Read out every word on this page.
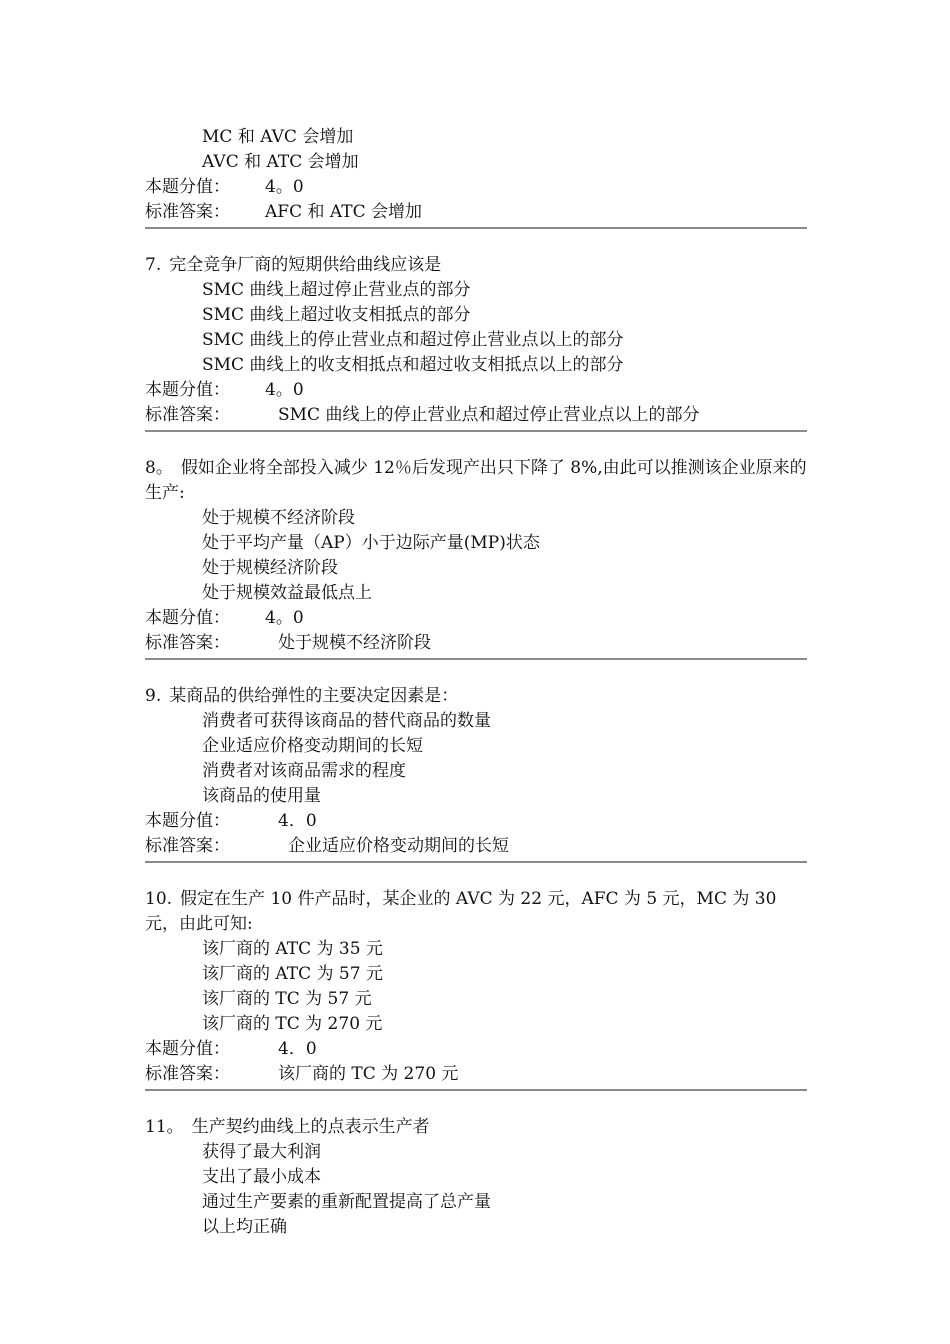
MC 和 AVC 会增加
AVC 和 ATC 会增加
本题分值： 4。0
标准答案： AFC 和 ATC 会增加
7. 完全竞争厂商的短期供给曲线应该是
SMC 曲线上超过停止营业点的部分
SMC 曲线上超过收支相抵点的部分
SMC 曲线上的停止营业点和超过停止营业点以上的部分
SMC 曲线上的收支相抵点和超过收支相抵点以上的部分
本题分值： 4。0
标准答案：	SMC 曲线上的停止营业点和超过停止营业点以上的部分
8。 假如企业将全部投入减少 12％后发现产出只下降了 8%,由此可以推测该企业原来的生产:
处于规模不经济阶段
处于平均产量（AP）小于边际产量(MP)状态
处于规模经济阶段
处于规模效益最低点上
本题分值： 4。0
标准答案：	处于规模不经济阶段
9. 某商品的供给弹性的主要决定因素是：
消费者可获得该商品的替代商品的数量
企业适应价格变动期间的长短
消费者对该商品需求的程度
该商品的使用量
本题分值：	4．0
标准答案：	企业适应价格变动期间的长短
10. 假定在生产 10 件产品时，某企业的 AVC 为 22 元，AFC 为 5 元，MC 为 30 元，由此可知:
该厂商的 ATC 为 35 元
该厂商的 ATC 为 57 元
该厂商的 TC 为 57 元
该厂商的 TC 为 270 元
本题分值：	4．0
标准答案：	该厂商的 TC 为 270 元
11。 生产契约曲线上的点表示生产者
获得了最大利润
支出了最小成本
通过生产要素的重新配置提高了总产量
以上均正确
